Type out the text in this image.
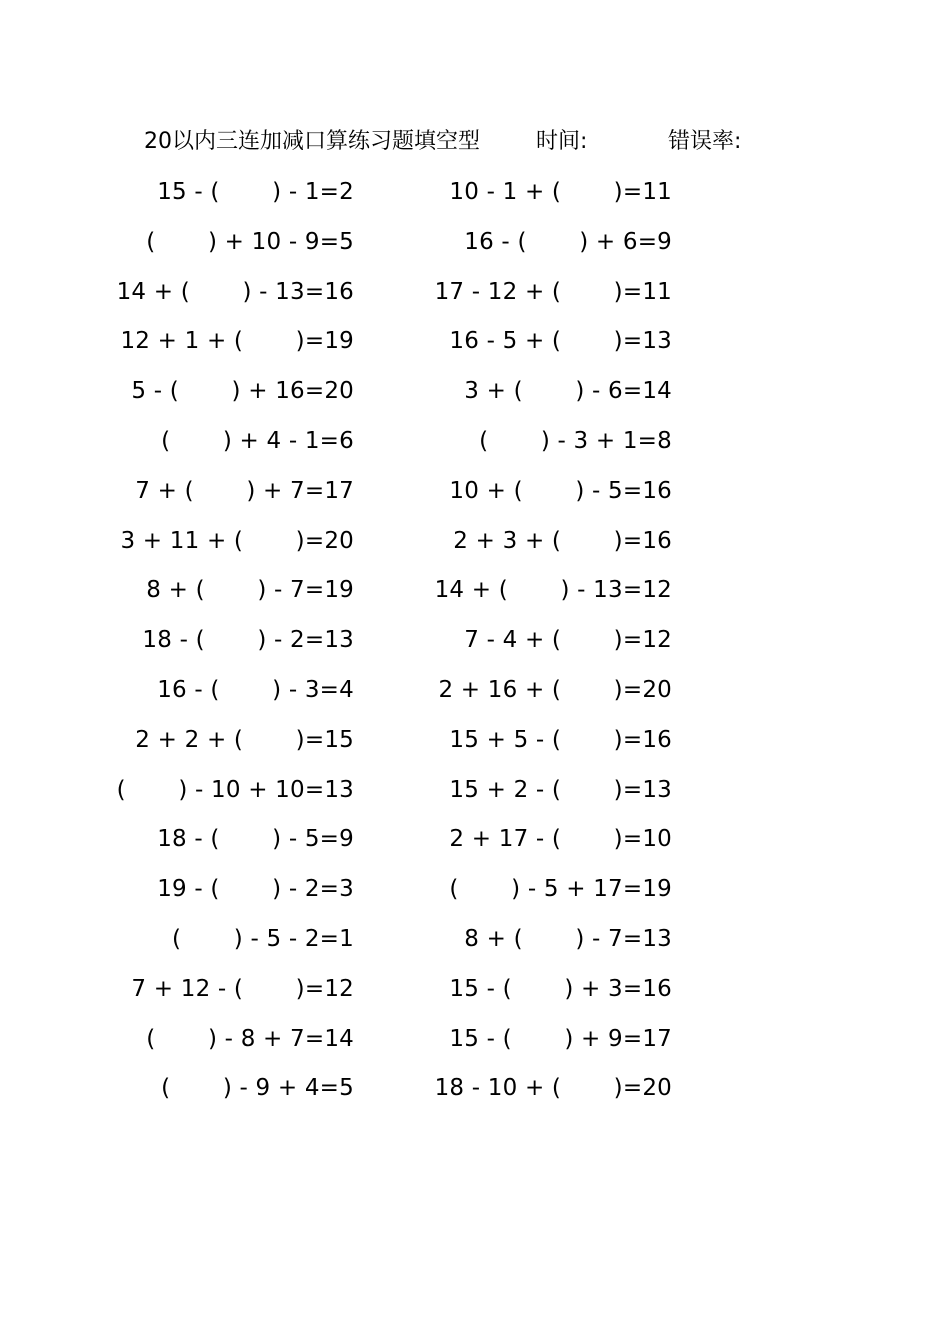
20以内三连加减口算练习题填空型	时间:	错误率:
15 - (       ) - 1=2
(       ) + 10 - 9=5
14 + (       ) - 13=16
12 + 1 + (       )=19
5 - (       ) + 16=20
(       ) + 4 - 1=6
7 + (       ) + 7=17
3 + 11 + (       )=20
8 + (       ) - 7=19
18 - (       ) - 2=13
16 - (       ) - 3=4
2 + 2 + (       )=15
(       ) - 10 + 10=13
18 - (       ) - 5=9
19 - (       ) - 2=3
(       ) - 5 - 2=1
7 + 12 - (       )=12
(       ) - 8 + 7=14
(       ) - 9 + 4=5
10 - 1 + (       )=11
16 - (       ) + 6=9
17 - 12 + (       )=11
16 - 5 + (       )=13
3 + (       ) - 6=14
(       ) - 3 + 1=8
10 + (       ) - 5=16
2 + 3 + (       )=16
14 + (       ) - 13=12
7 - 4 + (       )=12
2 + 16 + (       )=20
15 + 5 - (       )=16
15 + 2 - (       )=13
2 + 17 - (       )=10
(       ) - 5 + 17=19
8 + (       ) - 7=13
15 - (       ) + 3=16
15 - (       ) + 9=17
18 - 10 + (       )=20
